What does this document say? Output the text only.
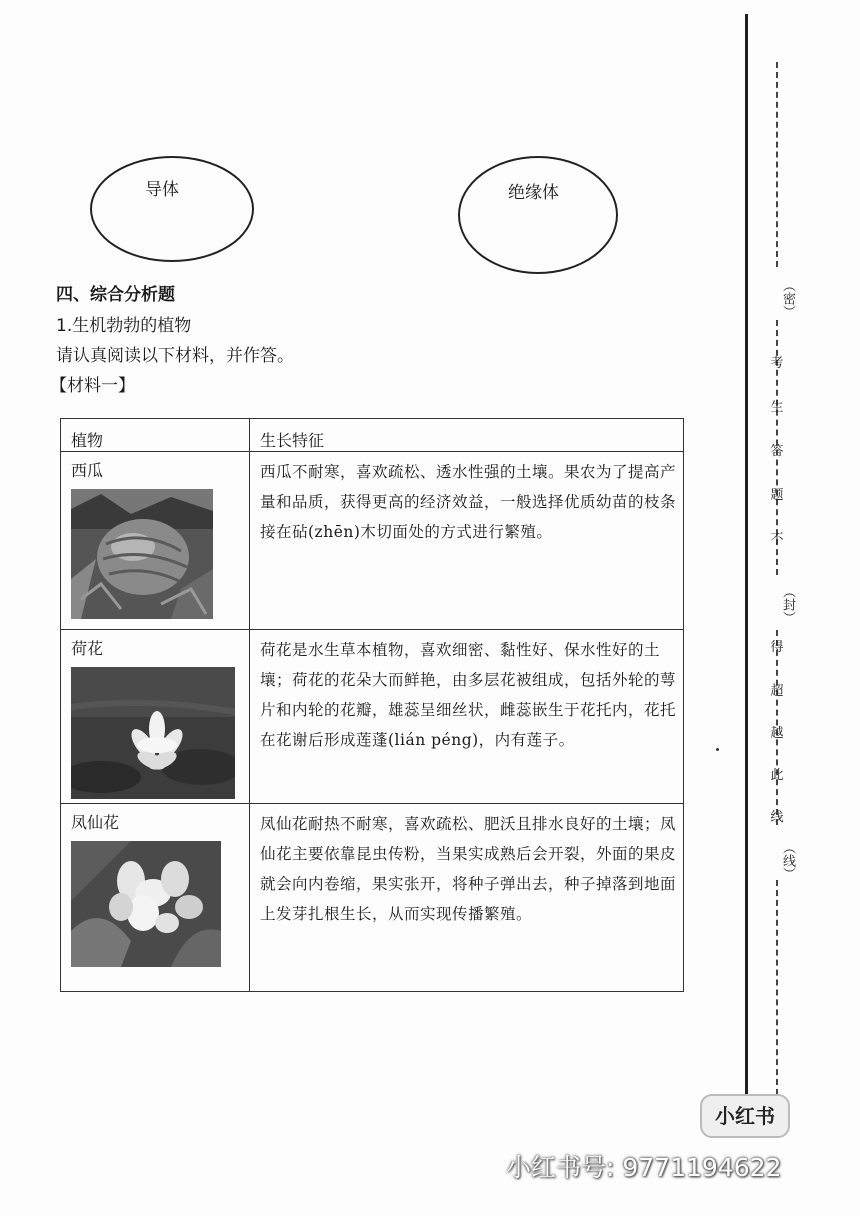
导体	绝缘体
四、综合分析题
1.生机勃勃的植物
请认真阅读以下材料，并作答。
【材料一】
植物	生长特征

西瓜	西瓜不耐寒，喜欢疏松、透水性强的土壤。果农为了提高产量和品质，获得更高的经济效益，一般选择优质幼苗的枝条接在砧(zhēn)木切面处的方式进行繁殖。

荷花	荷花是水生草本植物，喜欢细密、黏性好、保水性好的土壤；荷花的花朵大而鲜艳，由多层花被组成，包括外轮的萼片和内轮的花瓣，雄蕊呈细丝状，雌蕊嵌生于花托内，花托在花谢后形成莲蓬(lián péng)，内有莲子。

凤仙花	凤仙花耐热不耐寒，喜欢疏松、肥沃且排水良好的土壤；凤仙花主要依靠昆虫传粉，当果实成熟后会开裂，外面的果皮就会向内卷缩，果实张开，将种子弹出去，种子掉落到地面上发芽扎根生长，从而实现传播繁殖。
（密）
考
生
答
题
不
（封）
得
超
越
此
线
（线）
小红书
小红书号: 9771194622
